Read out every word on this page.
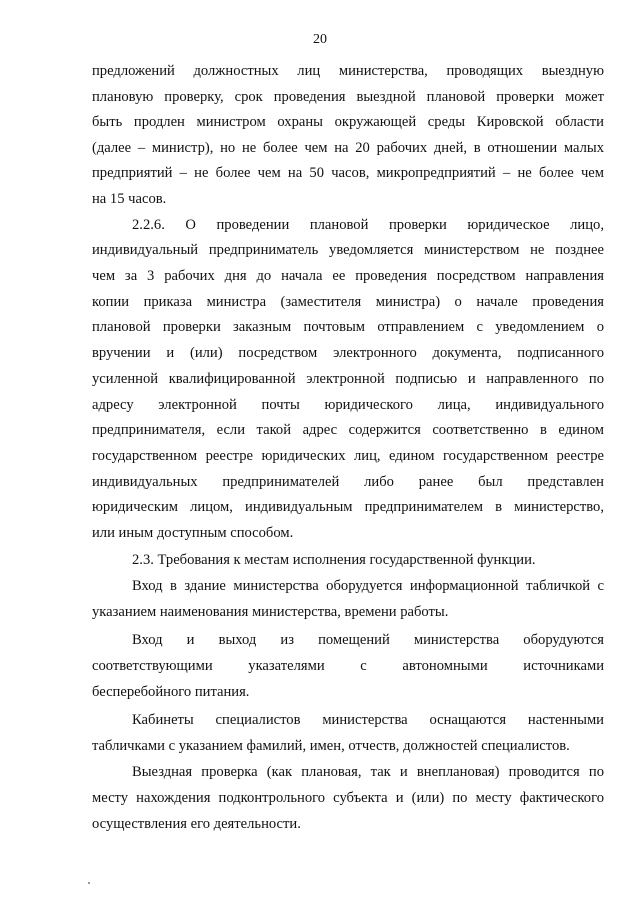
20
предложений должностных лиц министерства, проводящих выездную
плановую проверку, срок проведения выездной плановой проверки может
быть продлен министром охраны окружающей среды Кировской области
(далее – министр), но не более чем на 20 рабочих дней, в отношении малых
предприятий – не более чем на 50 часов, микропредприятий – не более чем
на 15 часов.
2.2.6. О проведении плановой проверки юридическое лицо,
индивидуальный предприниматель уведомляется министерством не позднее
чем за 3 рабочих дня до начала ее проведения посредством направления
копии приказа министра (заместителя министра) о начале проведения
плановой проверки заказным почтовым отправлением с уведомлением о
вручении и (или) посредством электронного документа, подписанного
усиленной квалифицированной электронной подписью и направленного по
адресу электронной почты юридического лица, индивидуального
предпринимателя, если такой адрес содержится соответственно в едином
государственном реестре юридических лиц, едином государственном реестре
индивидуальных предпринимателей либо ранее был представлен
юридическим лицом, индивидуальным предпринимателем в министерство,
или иным доступным способом.
2.3. Требования к местам исполнения государственной функции.
Вход в здание министерства оборудуется информационной табличкой с
указанием наименования министерства, времени работы.
Вход и выход из помещений министерства оборудуются
соответствующими указателями с автономными источниками
бесперебойного питания.
Кабинеты специалистов министерства оснащаются настенными
табличками с указанием фамилий, имен, отчеств, должностей специалистов.
Выездная проверка (как плановая, так и внеплановая) проводится по
месту нахождения подконтрольного субъекта и (или) по месту фактического
осуществления его деятельности.
